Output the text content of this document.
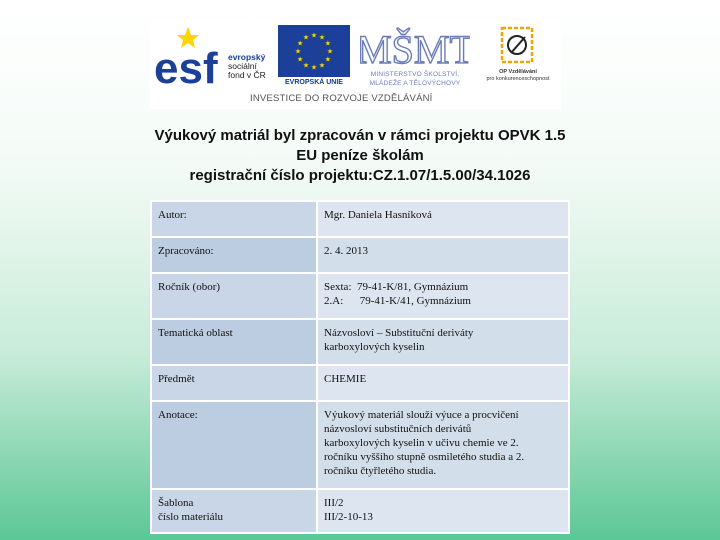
esf evropský
sociální
fond v ČR
★ ★
★
★
★
★
★
★
★
★
★
★
EVROPSKÁ UNIE
MŠMT
MINISTERSTVO ŠKOLSTVÍ,
MLÁDEŽE A TĚLOVÝCHOVY
OP Vzdělávání
pro konkurenceschopnost
INVESTICE DO ROZVOJE VZDĚLÁVÁNÍ
Výukový matriál byl zpracován v rámci projektu OPVK 1.5
EU peníze školám
registrační číslo projektu:CZ.1.07/1.5.00/34.1026
Autor:	Mgr. Daniela Hasníková
Zpracováno:	2. 4. 2013
Ročník (obor)	Sexta:  79-41-K/81, Gymnázium
2.A:      79-41-K/41, Gymnázium
Tematická oblast	Názvosloví – Substituční deriváty
karboxylových kyselin
Předmět	CHEMIE
Anotace:	Výukový materiál slouží výuce a procvičení
názvosloví substitučních derivátů
karboxylových kyselin v učivu chemie ve 2.
ročníku vyššího stupně osmiletého studia a 2.
ročníku čtyřletého studia.
Šablona
číslo materiálu	III/2
III/2-10-13
